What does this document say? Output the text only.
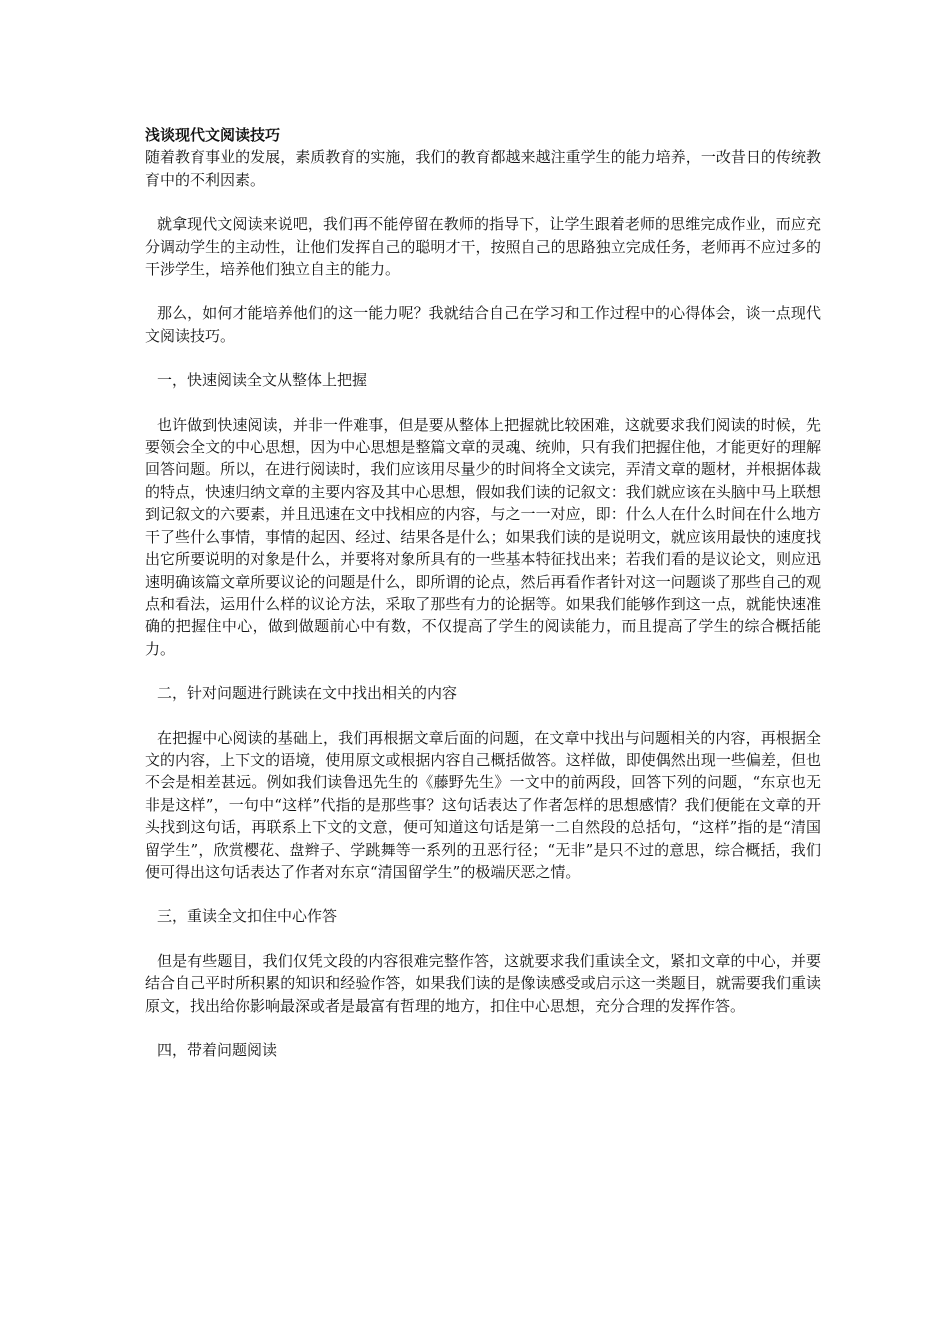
浅谈现代文阅读技巧

随着教育事业的发展，素质教育的实施，我们的教育都越来越注重学生的能力培养，一改昔日的传统教育中的不利因素。

就拿现代文阅读来说吧，我们再不能停留在教师的指导下，让学生跟着老师的思维完成作业，而应充分调动学生的主动性，让他们发挥自己的聪明才干，按照自己的思路独立完成任务，老师再不应过多的干涉学生，培养他们独立自主的能力。

那么，如何才能培养他们的这一能力呢？我就结合自己在学习和工作过程中的心得体会，谈一点现代文阅读技巧。

一，快速阅读全文从整体上把握

也许做到快速阅读，并非一件难事，但是要从整体上把握就比较困难，这就要求我们阅读的时候，先要领会全文的中心思想，因为中心思想是整篇文章的灵魂、统帅，只有我们把握住他，才能更好的理解回答问题。所以，在进行阅读时，我们应该用尽量少的时间将全文读完，弄清文章的题材，并根据体裁的特点，快速归纳文章的主要内容及其中心思想，假如我们读的记叙文：我们就应该在头脑中马上联想到记叙文的六要素，并且迅速在文中找相应的内容，与之一一对应，即：什么人在什么时间在什么地方干了些什么事情，事情的起因、经过、结果各是什么；如果我们读的是说明文，就应该用最快的速度找出它所要说明的对象是什么，并要将对象所具有的一些基本特征找出来；若我们看的是议论文，则应迅速明确该篇文章所要议论的问题是什么，即所谓的论点，然后再看作者针对这一问题谈了那些自己的观点和看法，运用什么样的议论方法，采取了那些有力的论据等。如果我们能够作到这一点，就能快速准确的把握住中心，做到做题前心中有数，不仅提高了学生的阅读能力，而且提高了学生的综合概括能力。

二，针对问题进行跳读在文中找出相关的内容

在把握中心阅读的基础上，我们再根据文章后面的问题，在文章中找出与问题相关的内容，再根据全文的内容，上下文的语境，使用原文或根据内容自己概括做答。这样做，即使偶然出现一些偏差，但也不会是相差甚远。例如我们读鲁迅先生的《藤野先生》一文中的前两段，回答下列的问题，“东京也无非是这样”，一句中“这样”代指的是那些事？这句话表达了作者怎样的思想感情？我们便能在文章的开头找到这句话，再联系上下文的文意，便可知道这句话是第一二自然段的总括句，“这样”指的是“清国留学生”，欣赏樱花、盘辫子、学跳舞等一系列的丑恶行径；“无非”是只不过的意思，综合概括，我们便可得出这句话表达了作者对东京“清国留学生”的极端厌恶之情。

三，重读全文扣住中心作答

但是有些题目，我们仅凭文段的内容很难完整作答，这就要求我们重读全文，紧扣文章的中心，并要结合自己平时所积累的知识和经验作答，如果我们读的是像读感受或启示这一类题目，就需要我们重读原文，找出给你影响最深或者是最富有哲理的地方，扣住中心思想，充分合理的发挥作答。

四，带着问题阅读
